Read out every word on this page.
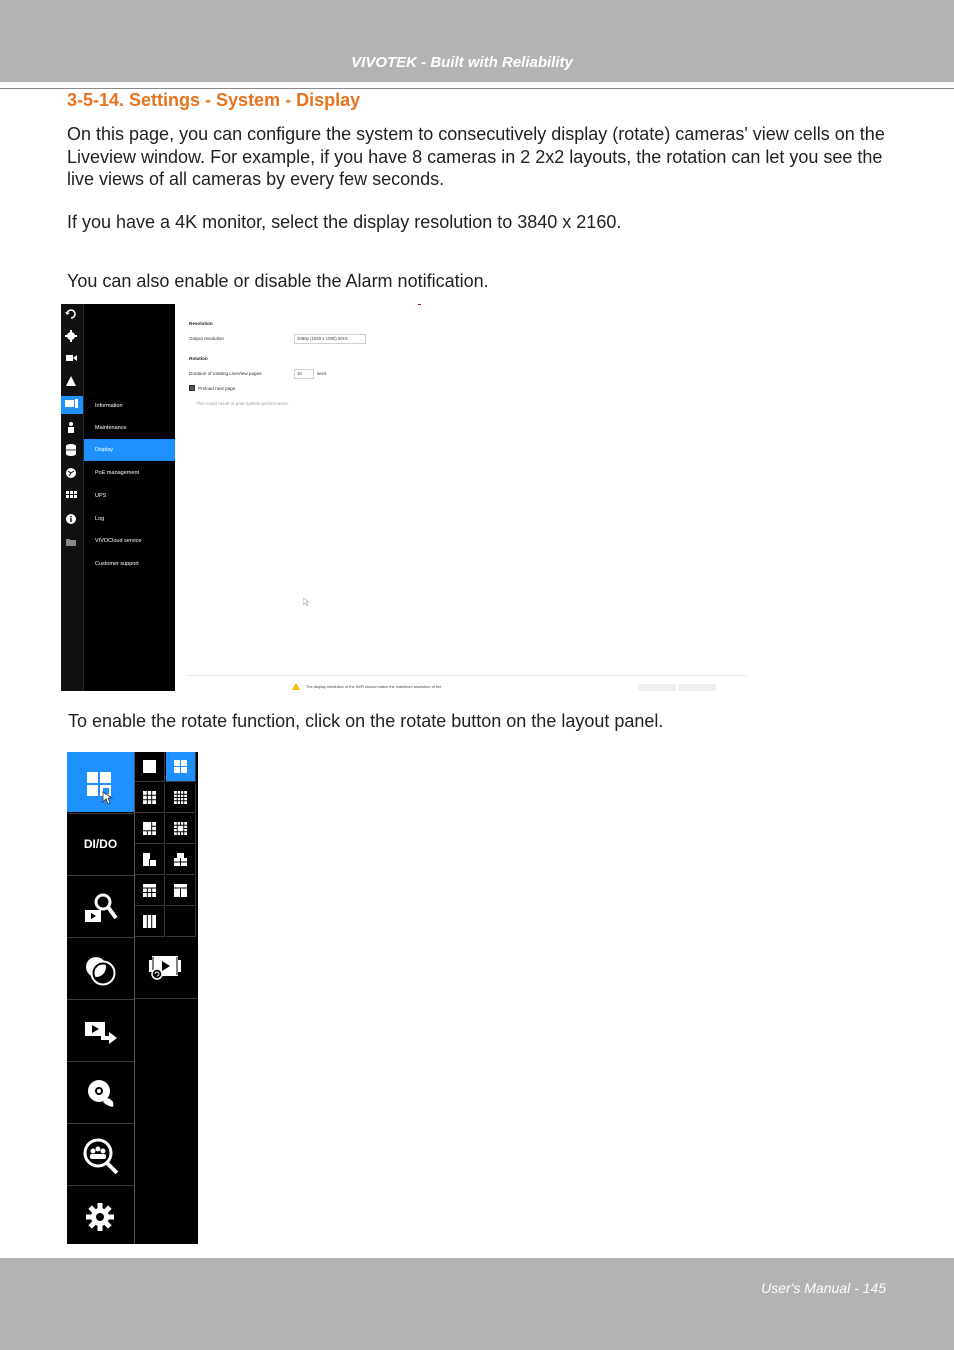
VIVOTEK - Built with Reliability
3-5-14. Settings - System - Display

On this page, you can configure the system to consecutively display (rotate) cameras' view cells on the Liveview window. For example, if you have 8 cameras in 2 2x2 layouts, the rotation can let you see the live views of all cameras by every few seconds.

If you have a 4K monitor, select the display resolution to 3840 x 2160.

You can also enable or disable the Alarm notification.

Information
Maintenance
Display
PoE management
UPS
Log
VIVOCloud service
Customer support
Resolution
Output resolution	1080p (1920 x 1080) 60Hz
Rotation
Duration of rotating LiveView pages	10	secs
Preload next page
This could result in poor system performance.
The display resolution of the NVR should match the maximum resolution of the

To enable the rotate function, click on the rotate button on the layout panel.

DI/DO
User's Manual - 145
